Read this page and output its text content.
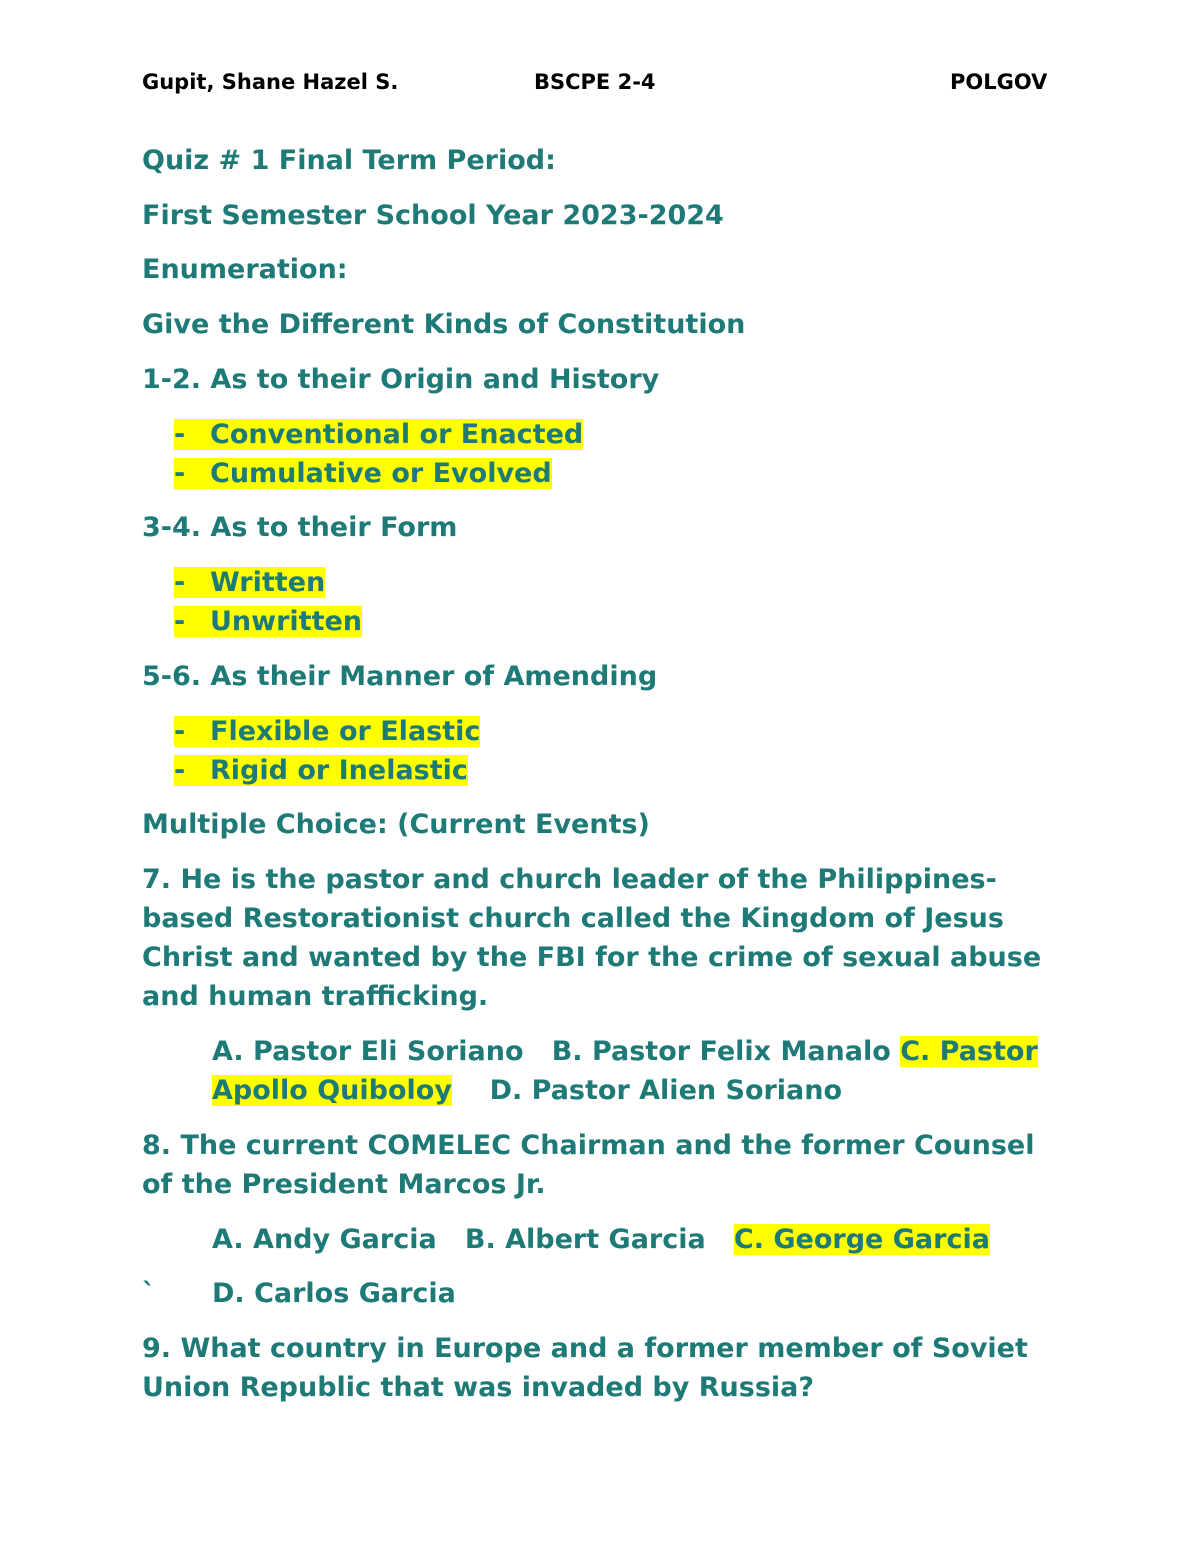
Gupit, Shane Hazel S.	BSCPE 2-4	POLGOV
Quiz # 1 Final Term Period:
First Semester School Year 2023-2024
Enumeration:
Give the Different Kinds of Constitution
1-2. As to their Origin and History
- Conventional or Enacted
- Cumulative or Evolved
3-4. As to their Form
- Written
- Unwritten
5-6. As their Manner of Amending
- Flexible or Elastic
- Rigid or Inelastic
Multiple Choice: (Current Events)
7. He is the pastor and church leader of the Philippines-
based Restorationist church called the Kingdom of Jesus
Christ and wanted by the FBI for the crime of sexual abuse
and human trafficking.
A. Pastor Eli Soriano B. Pastor Felix Manalo C. Pastor
Apollo Quiboloy D. Pastor Alien Soriano
8. The current COMELEC Chairman and the former Counsel
of the President Marcos Jr.
A. Andy Garcia B. Albert Garcia C. George Garcia
` D. Carlos Garcia
9. What country in Europe and a former member of Soviet
Union Republic that was invaded by Russia?
